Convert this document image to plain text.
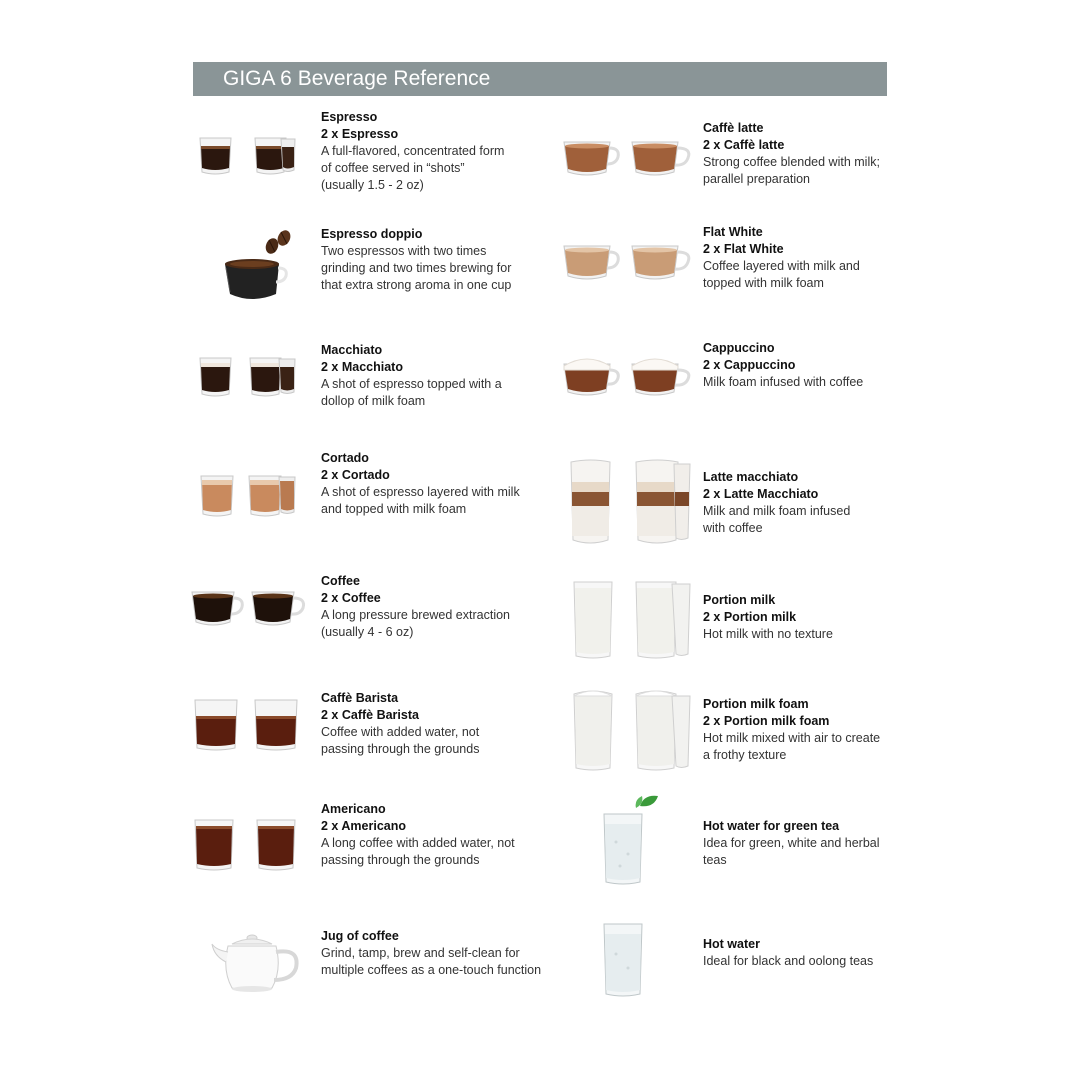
GIGA 6 Beverage Reference
Espresso
2 x Espresso
A full-flavored, concentrated form
of coffee served in “shots”
(usually 1.5 - 2 oz)
Espresso doppio
Two espressos with two times
grinding and two times brewing for
that extra strong aroma in one cup
Macchiato
2 x Macchiato
A shot of espresso topped with a
dollop of milk foam
Cortado
2 x Cortado
A shot of espresso layered with milk
and topped with milk foam
Coffee
2 x Coffee
A long pressure brewed extraction
(usually 4 - 6 oz)
Caffè Barista
2 x Caffè Barista
Coffee with added water, not
passing through the grounds
Americano
2 x Americano
A long coffee with added water, not
passing through the grounds
Jug of coffee
Grind, tamp, brew and self-clean for
multiple coffees as a one-touch function
Caffè latte
2 x Caffè latte
Strong coffee blended with milk;
parallel preparation
Flat White
2 x Flat White
Coffee layered with milk and
topped with milk foam
Cappuccino
2 x Cappuccino
Milk foam infused with coffee
Latte macchiato
2 x Latte Macchiato
Milk and milk foam infused
with coffee
Portion milk
2 x Portion milk
Hot milk with no texture
Portion milk foam
2 x Portion milk foam
Hot milk mixed with air to create
a frothy texture
Hot water for green tea
Idea for green, white and herbal
teas
Hot water
Ideal for black and oolong teas
